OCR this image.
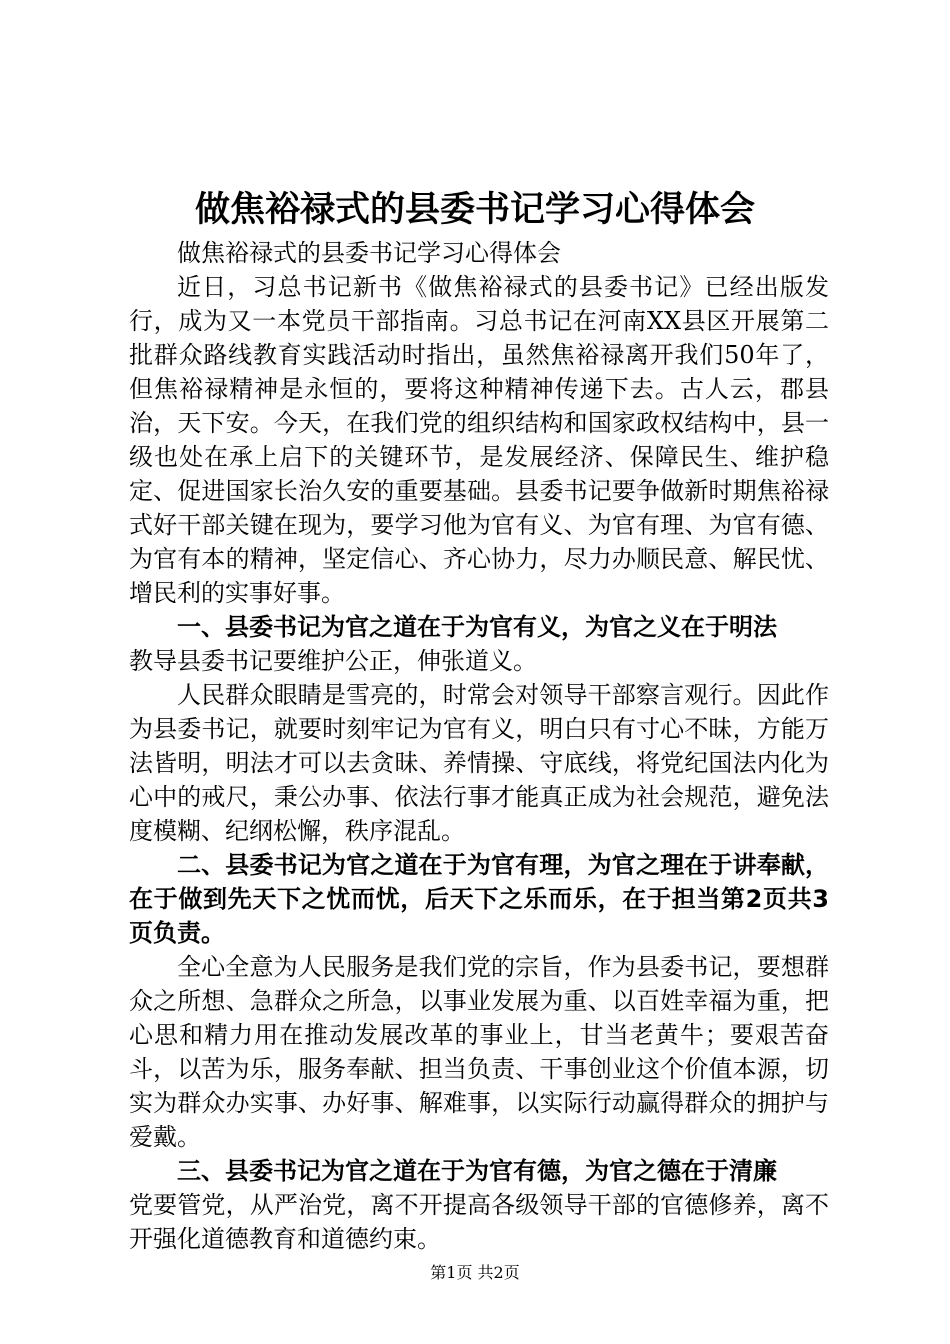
做焦裕禄式的县委书记学习心得体会

做焦裕禄式的县委书记学习心得体会

近日，习总书记新书《做焦裕禄式的县委书记》已经出版发行，成为又一本党员干部指南。习总书记在河南XX县区开展第二批群众路线教育实践活动时指出，虽然焦裕禄离开我们50年了，但焦裕禄精神是永恒的，要将这种精神传递下去。古人云，郡县治，天下安。今天，在我们党的组织结构和国家政权结构中，县一级也处在承上启下的关键环节，是发展经济、保障民生、维护稳定、促进国家长治久安的重要基础。县委书记要争做新时期焦裕禄式好干部关键在现为，要学习他为官有义、为官有理、为官有德、为官有本的精神，坚定信心、齐心协力，尽力办顺民意、解民忧、增民利的实事好事。

一、县委书记为官之道在于为官有义，为官之义在于明法

教导县委书记要维护公正，伸张道义。

人民群众眼睛是雪亮的，时常会对领导干部察言观行。因此作为县委书记，就要时刻牢记为官有义，明白只有寸心不昧，方能万法皆明，明法才可以去贪昧、养情操、守底线，将党纪国法内化为心中的戒尺，秉公办事、依法行事才能真正成为社会规范，避免法度模糊、纪纲松懈，秩序混乱。

二、县委书记为官之道在于为官有理，为官之理在于讲奉献，在于做到先天下之忧而忧，后天下之乐而乐，在于担当第2页共3页负责。

全心全意为人民服务是我们党的宗旨，作为县委书记，要想群众之所想、急群众之所急，以事业发展为重、以百姓幸福为重，把心思和精力用在推动发展改革的事业上，甘当老黄牛；要艰苦奋斗，以苦为乐，服务奉献、担当负责、干事创业这个价值本源，切实为群众办实事、办好事、解难事，以实际行动赢得群众的拥护与爱戴。

三、县委书记为官之道在于为官有德，为官之德在于清廉

党要管党，从严治党，离不开提高各级领导干部的官德修养，离不开强化道德教育和道德约束。

第1页 共2页
